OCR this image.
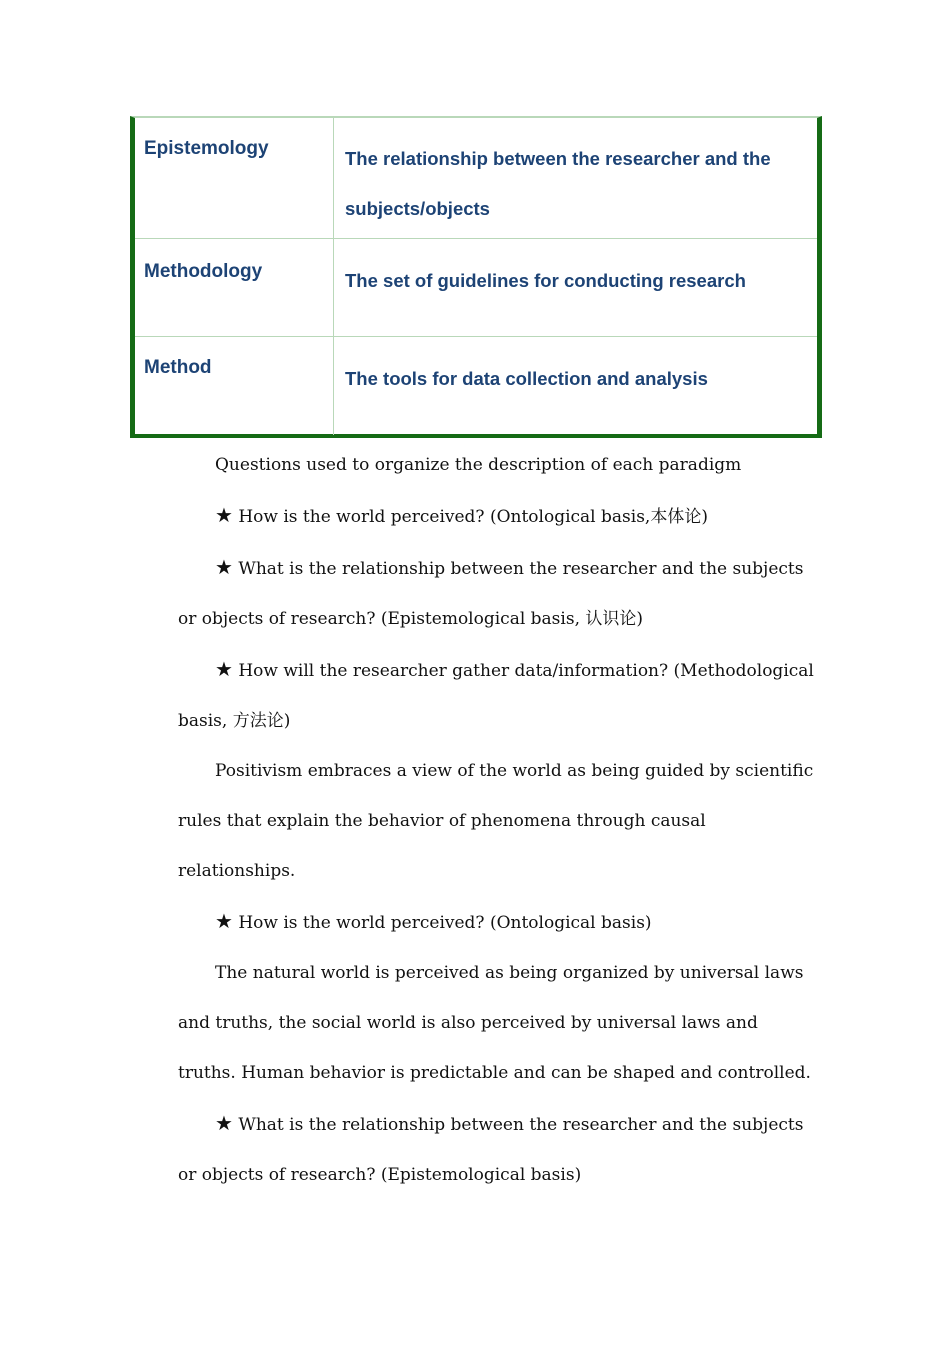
Epistemology	The relationship between the researcher and the subjects/objects
Methodology	The set of guidelines for conducting research
Method
The tools for data collection and analysis

Questions used to organize the description of each paradigm

★ How is the world perceived? (Ontological basis,本体论)

★ What is the relationship between the researcher and the subjects or objects of research? (Epistemological basis, 认识论)

★ How will the researcher gather data/information? (Methodological basis, 方法论)

Positivism embraces a view of the world as being guided by scientific rules that explain the behavior of phenomena through causal relationships.

★ How is the world perceived? (Ontological basis)

The natural world is perceived as being organized by universal laws and truths, the social world is also perceived by universal laws and truths. Human behavior is predictable and can be shaped and controlled.

★ What is the relationship between the researcher and the subjects or objects of research? (Epistemological basis)
